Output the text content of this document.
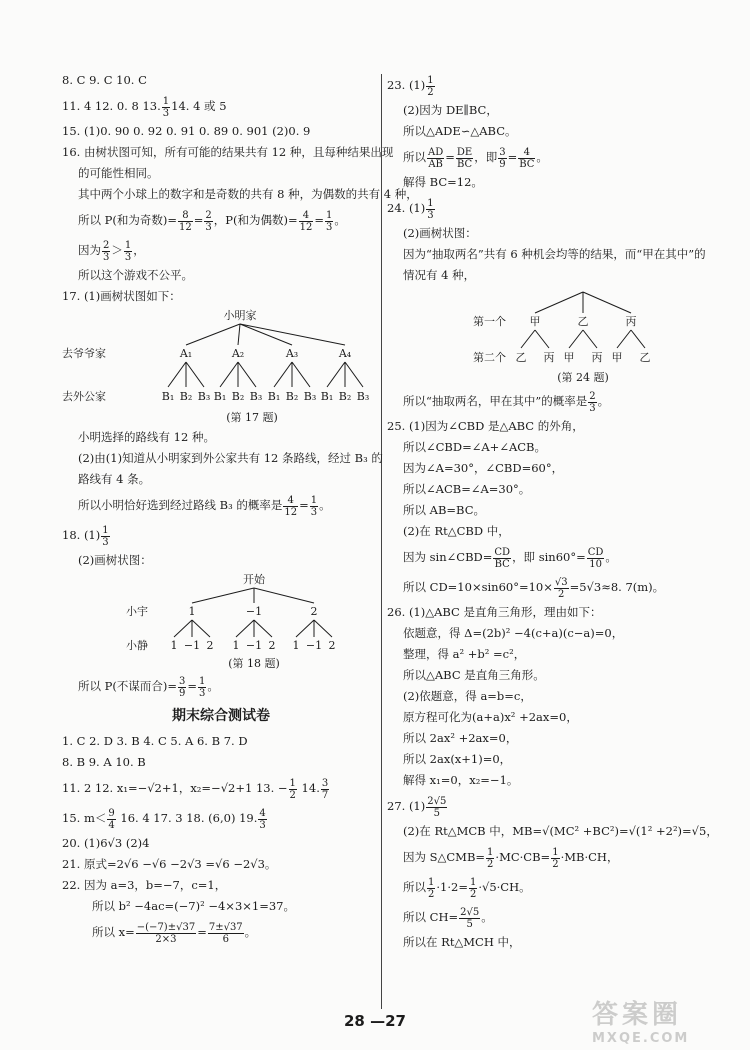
8. C 9. C 10. C
11. 4 12. 0. 8 13. $\frac{1}{3} 14$. 4 或 5
15. (1)0. 90 0. 92 0. 91 0. 89 0. 901 (2)0. 9
16. 由树状图可知，所有可能的结果共有 12 种，且每种结果出现
的可能性相同。
其中两个小球上的数字和是奇数的共有 8 种，为偶数的共有 4 种，
所以 P(和为奇数)= $\frac{8}{12} = \frac{2}{3}$ ，P(和为偶数)= $\frac{4}{12} = \frac{1}{3}$ 。
因为 $\frac{2}{3} > \frac{1}{3}$ ，
所以这个游戏不公平。
17. (1)画树状图如下：
小明家
去爷爷家	A₁	A₂	A₃	A₄
去外公家	B₁ B₂ B₃ B₁ B₂ B₃ B₁ B₂ B₃ B₁ B₂ B₃
(第 17 题)
小明选择的路线有 12 种。
(2)由(1)知道从小明家到外公家共有 12 条路线，经过 B₃ 的
路线有 4 条。
所以小明恰好选到经过路线 B₃ 的概率是 $\frac{4}{12} = \frac{1}{3}$ 。
18. $(1) \frac{1}{3}$
(2)画树状图：
开始
小宇	1	−1	2
小静 1 −1 2 1 −1 2 1 −1 2
(第 18 题)
所以 P(不谋而合)= $\frac{3}{9} = \frac{1}{3}$ 。
期末综合测试卷
1. C 2. D 3. B 4. C 5. A 6. B 7. D
8. B 9. A 10. B
11. 2 12. x₁=−√2+1，x₂=−√2+1 13. − $\frac{1}{2} 14$. $\frac{3}{7}$
15. $m< \frac{9}{4} 16$. 4 17. 3 18. (6,0) 19. $\frac{4}{3}$
20. (1)6√3 (2)4
21. 原式=2√6 −√6 −2√3 =√6 −2√3。
22. 因为 a=3，b=−7，c=1，
所以 b² −4ac=(−7)² −4×3×1=37。
所以 $x= \frac{-(-7)\pm√37}{2\times 3} = \frac{7\pm√37}{6}$ 。
23. $(1) \frac{1}{2}$
(2)因为 DE∥BC，
所以△ADE∽△ABC。
所以 $\frac{AD}{AB} = \frac{DE}{BC}$ ，即 $\frac{3}{9} = \frac{4}{BC}$ 。
解得 BC=12。
24. $(1) \frac{1}{3}$
(2)画树状图：
因为“抽取两名”共有 6 种机会均等的结果，而“甲在其中”的
情况有 4 种，
第一个 甲	乙	丙
第二个 乙 丙 甲 丙 甲 乙
(第 24 题)
所以“抽取两名，甲在其中”的概率是 $\frac{2}{3}$ 。
25. (1)因为∠CBD 是△ABC 的外角，
所以∠CBD=∠A+∠ACB。
因为∠A=30°，∠CBD=60°，
所以∠ACB=∠A=30°。
所以 AB=BC。
(2)在 Rt△CBD 中，
因为 sin∠CBD= $\frac{CD}{BC}$ ，即 $\sin 60^\circ= \frac{CD}{10}$ 。
所以 $CD=10\times\sin 60^\circ=10\times \frac{√3}{2} =5√3\approx 8$. 7(m)。
26. (1)△ABC 是直角三角形，理由如下：
依题意，得 Δ=(2b)² −4(c+a)(c−a)=0，
整理，得 a² +b² =c²，
所以△ABC 是直角三角形。
(2)依题意，得 a=b=c，
原方程可化为(a+a)x² +2ax=0，
所以 2ax² +2ax=0，
所以 2ax(x+1)=0，
解得 x₁=0，x₂=−1。
27. $(1) \frac{2√5}{5}$
(2)在 Rt△MCB 中，MB=√(MC² +BC²)=√(1² +2²)=√5，
因为 S△CMB= $\frac{1}{2} \cdot MC\cdot CB= \frac{1}{2} \cdot MB\cdot CH$，
所以 $\frac{1}{2} \cdot 1\cdot 2= \frac{1}{2} \cdot√5\cdot CH$。
所以 $CH= \frac{2√5}{5}$ 。
所以在 Rt△MCH 中，
28 —27	答案圈
MXQE.COM
